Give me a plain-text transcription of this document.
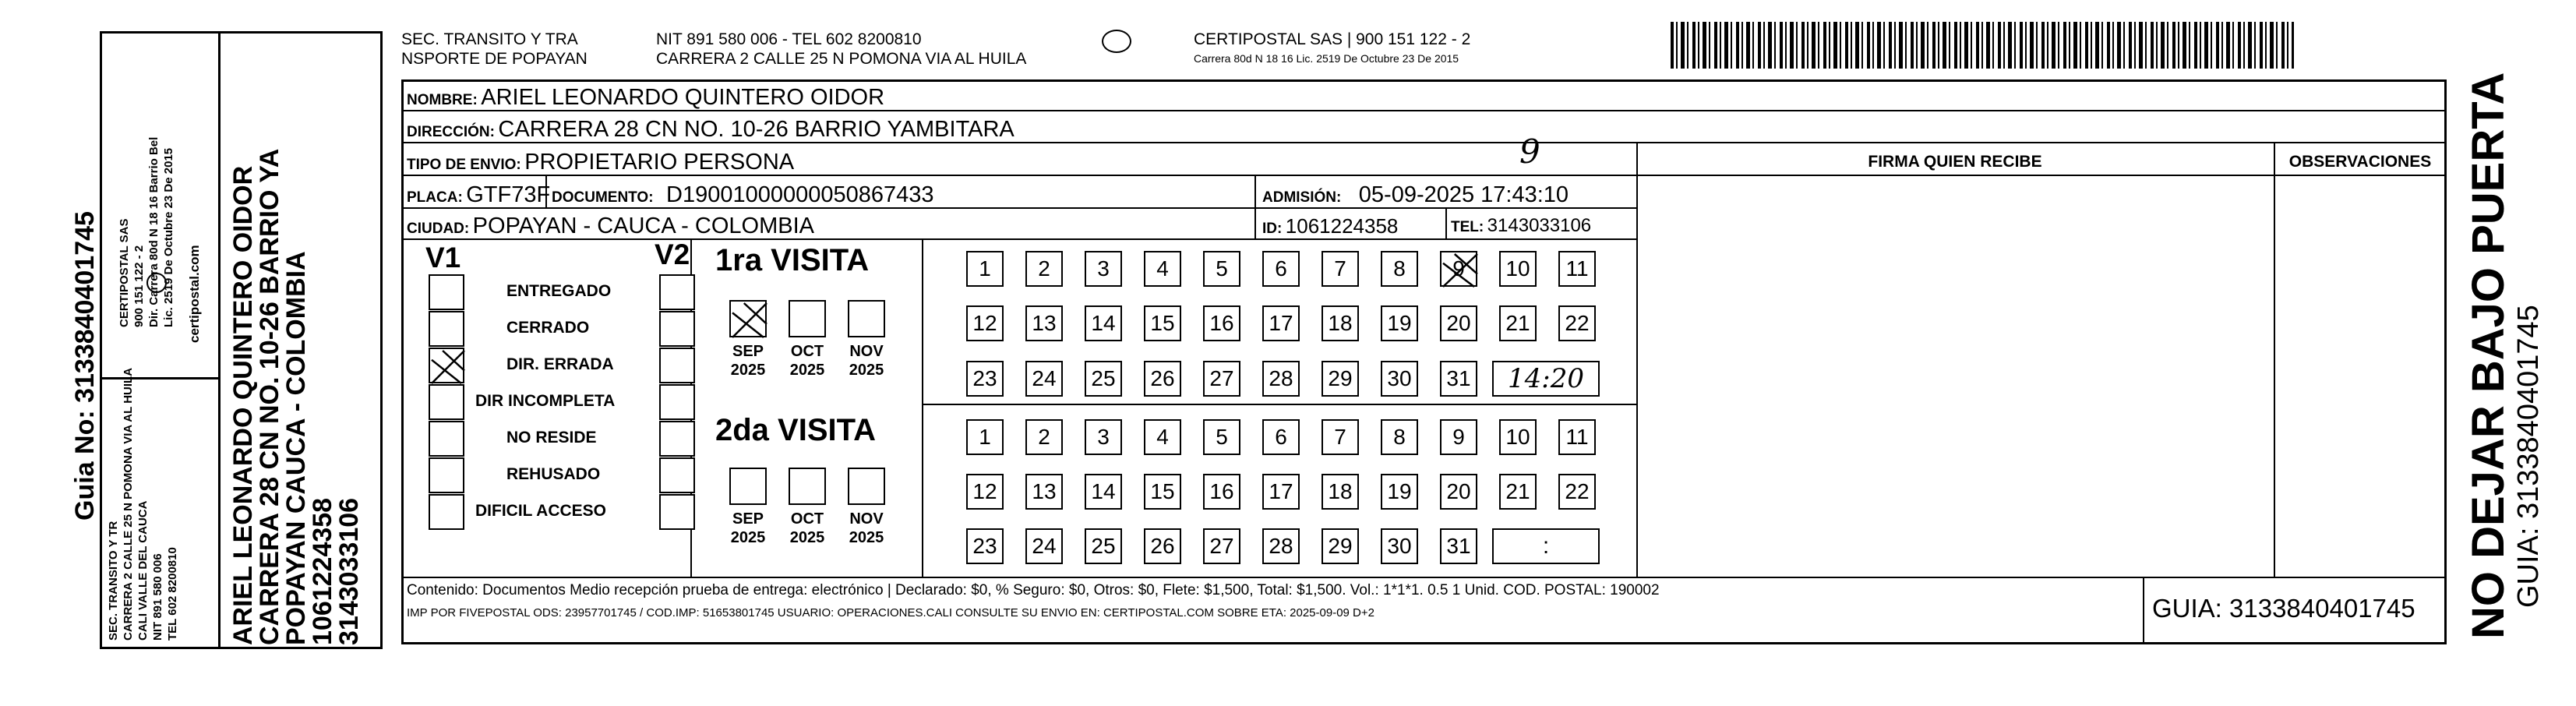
Guia No: 3133840401745
SEC. TRANSITO Y TR CARRERA 2 CALLE 25 N POMONA VIA AL HUILA CALI VALLE DEL CAUCA NIT 891 580 006 TEL 602 8200810
CERTIPOSTAL SAS 900 151 122 - 2 Dir. Carrera 80d N 18 16 Barrio Bel Lic. 2519 De Octubre 23 De 2015 certipostal.com ARIEL LEONARDO QUINTERO OIDOR
CARRERA 28 CN NO. 10-26 BARRIO YA
POPAYAN CAUCA - COLOMBIA
1061224358
3143033106
SEC. TRANSITO Y TRA
NSPORTE DE POPAYAN
NIT 891 580 006 - TEL 602 8200810
CARRERA 2 CALLE 25 N POMONA VIA AL HUILA
CERTIPOSTAL SAS | 900 151 122 - 2
Carrera 80d N 18 16 Lic. 2519 De Octubre 23 De 2015
NOMBRE: ARIEL LEONARDO QUINTERO OIDOR
DIRECCIÓN: CARRERA 28 CN NO. 10-26 BARRIO YAMBITARA
TIPO DE ENVIO: PROPIETARIO PERSONA	9
PLACA: GTF73F DOCUMENTO: D19001000000050867433	ADMISIÓN: 05-09-2025 17:43:10
CIUDAD: POPAYAN - CAUCA - COLOMBIA	ID: 1061224358	TEL: 3143033106
FIRMA QUIEN RECIBE	OBSERVACIONES
V1	V2
ENTREGADO
CERRADO
DIR. ERRADA
DIR INCOMPLETA
NO RESIDE
REHUSADO
DIFICIL ACCESO
1ra VISITA
SEP
2025
OCT
2025
NOV
2025
1	2	3	4	5	6	7	8	9	10	11
12	13	14	15	16	17	18	19	20	21	22
23	24	25	26	27	28	29	30	31	14:20
2da VISITA
SEP
2025
OCT
2025
NOV
2025
1	2	3	4	5	6	7	8	9	10	11
12	13	14	15	16	17	18	19	20	21	22
23	24	25	26	27	28	29	30	31	:
Contenido: Documentos Medio recepción prueba de entrega: electrónico | Declarado: $0, % Seguro: $0, Otros: $0, Flete: $1,500, Total: $1,500. Vol.: 1*1*1. 0.5 1 Unid. COD. POSTAL: 190002
IMP POR FIVEPOSTAL ODS: 23957701745 / COD.IMP: 51653801745 USUARIO: OPERACIONES.CALI CONSULTE SU ENVIO EN: CERTIPOSTAL.COM SOBRE ETA: 2025-09-09 D+2	GUIA: 3133840401745 NO DEJAR BAJO PUERTA
GUIA: 3133840401745
